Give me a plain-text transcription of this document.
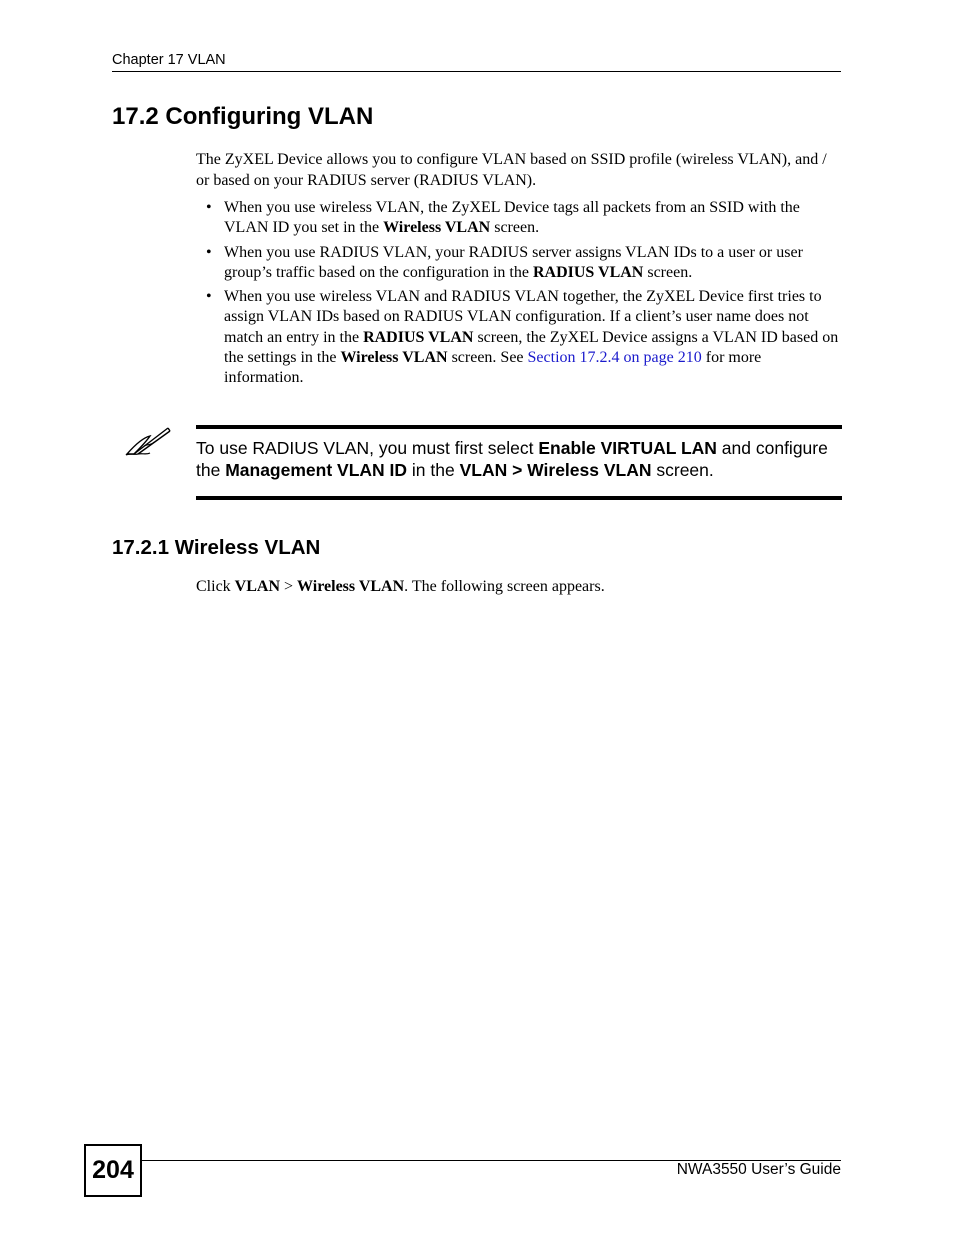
Chapter 17 VLAN
17.2 Configuring VLAN

The ZyXEL Device allows you to configure VLAN based on SSID profile (wireless VLAN), and / or based on your RADIUS server (RADIUS VLAN).

• When you use wireless VLAN, the ZyXEL Device tags all packets from an SSID with the VLAN ID you set in the Wireless VLAN screen.
• When you use RADIUS VLAN, your RADIUS server assigns VLAN IDs to a user or user group’s traffic based on the configuration in the RADIUS VLAN screen.
• When you use wireless VLAN and RADIUS VLAN together, the ZyXEL Device first tries to assign VLAN IDs based on RADIUS VLAN configuration. If a client’s user name does not match an entry in the RADIUS VLAN screen, the ZyXEL Device assigns a VLAN ID based on the settings in the Wireless VLAN screen. See Section 17.2.4 on page 210 for more information.

To use RADIUS VLAN, you must first select Enable VIRTUAL LAN and configure the Management VLAN ID in the VLAN > Wireless VLAN screen.

17.2.1 Wireless VLAN

Click VLAN > Wireless VLAN. The following screen appears.

204	NWA3550 User’s Guide
